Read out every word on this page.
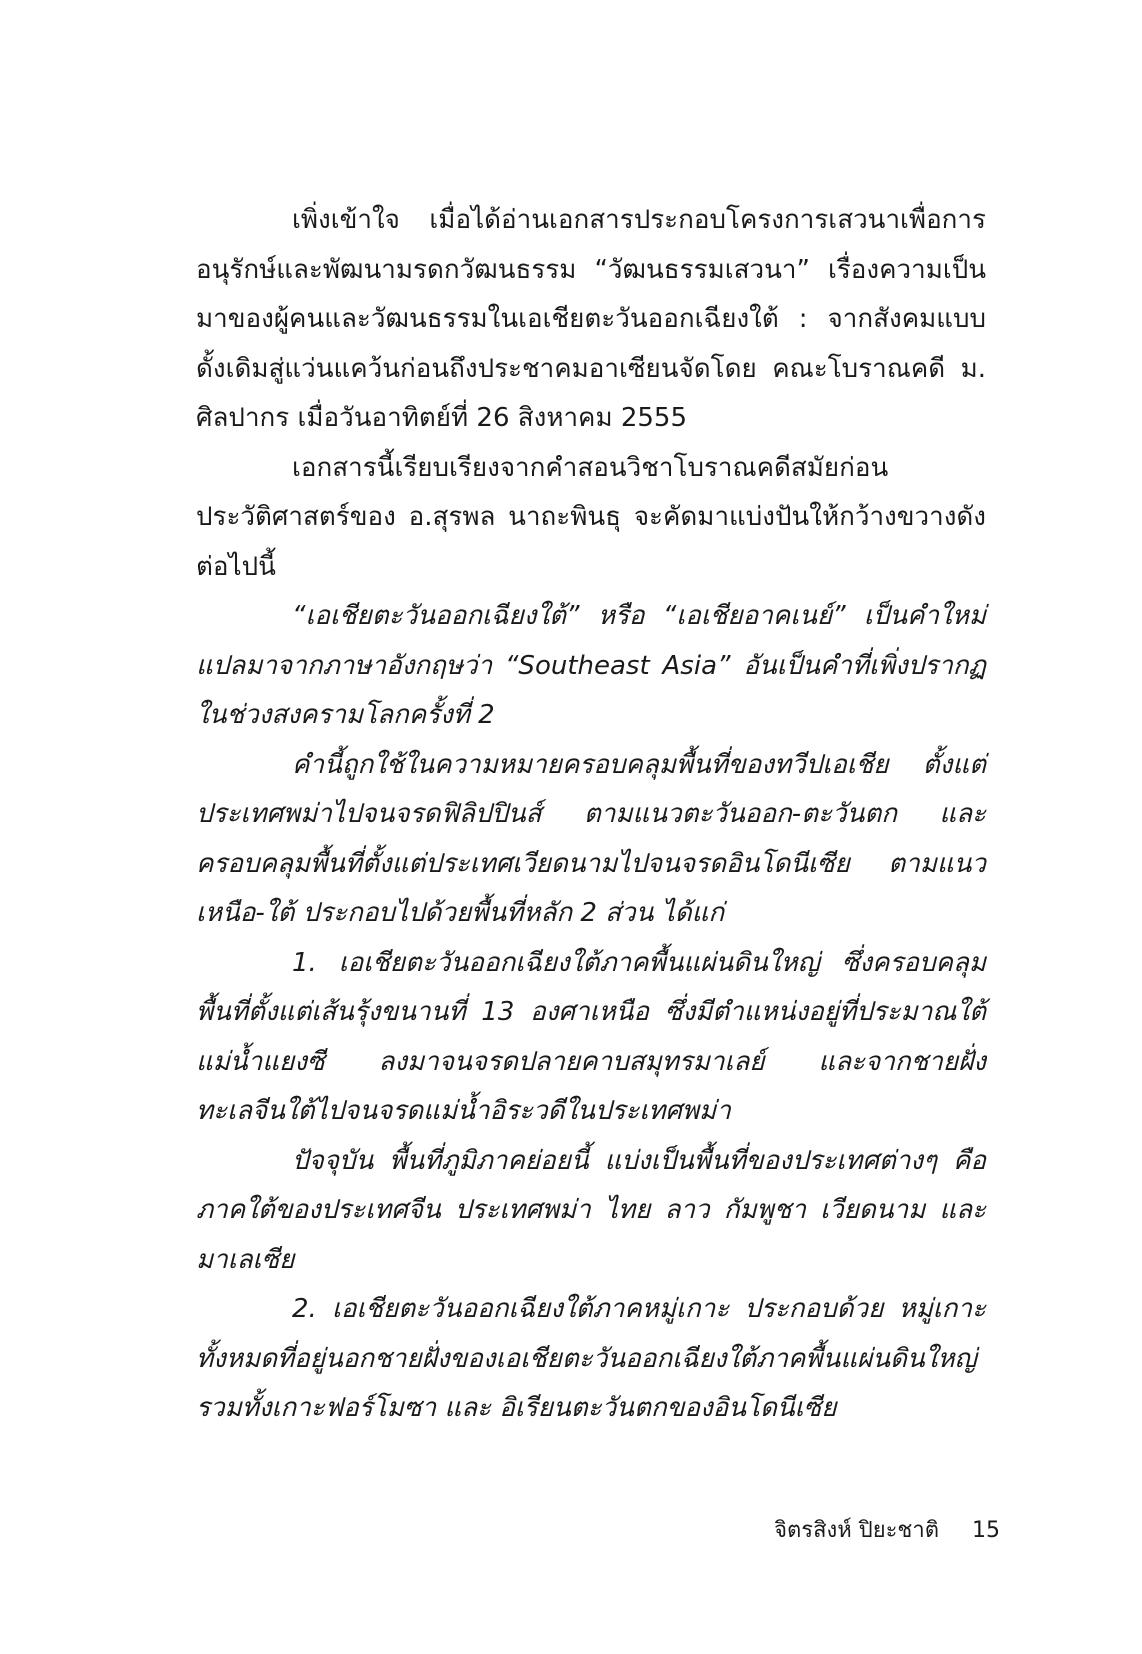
เพิ่งเข้าใจ เมื่อได้อ่านเอกสารประกอบโครงการเสวนาเพื่อการอนุรักษ์และพัฒนามรดกวัฒนธรรม “วัฒนธรรมเสวนา” เรื่องความเป็นมาของผู้คนและวัฒนธรรมในเอเชียตะวันออกเฉียงใต้ : จากสังคมแบบดั้งเดิมสู่แว่นแคว้นก่อนถึงประชาคมอาเซียนจัดโดย คณะโบราณคดี ม. ศิลปากร เมื่อวันอาทิตย์ที่ 26 สิงหาคม 2555

เอกสารนี้เรียบเรียงจากคำสอนวิชาโบราณคดีสมัยก่อนประวัติศาสตร์ของ อ.สุรพล นาถะพินธุ จะคัดมาแบ่งปันให้กว้างขวางดังต่อไปนี้

“เอเชียตะวันออกเฉียงใต้” หรือ “เอเชียอาคเนย์” เป็นคำใหม่ แปลมาจากภาษาอังกฤษว่า “Southeast Asia” อันเป็นคำที่เพิ่งปรากฏในช่วงสงครามโลกครั้งที่ 2

คำนี้ถูกใช้ในความหมายครอบคลุมพื้นที่ของทวีปเอเชีย ตั้งแต่ประเทศพม่าไปจนจรดฟิลิปปินส์ ตามแนวตะวันออก-ตะวันตก และครอบคลุมพื้นที่ตั้งแต่ประเทศเวียดนามไปจนจรดอินโดนีเซีย ตามแนวเหนือ-ใต้ ประกอบไปด้วยพื้นที่หลัก 2 ส่วน ได้แก่

1. เอเชียตะวันออกเฉียงใต้ภาคพื้นแผ่นดินใหญ่ ซึ่งครอบคลุมพื้นที่ตั้งแต่เส้นรุ้งขนานที่ 13 องศาเหนือ ซึ่งมีตำแหน่งอยู่ที่ประมาณใต้แม่น้ำแยงซี ลงมาจนจรดปลายคาบสมุทรมาเลย์ และจากชายฝั่งทะเลจีนใต้ไปจนจรดแม่น้ำอิระวดีในประเทศพม่า

ปัจจุบัน พื้นที่ภูมิภาคย่อยนี้ แบ่งเป็นพื้นที่ของประเทศต่างๆ คือ ภาคใต้ของประเทศจีน ประเทศพม่า ไทย ลาว กัมพูชา เวียดนาม และมาเลเซีย

2. เอเชียตะวันออกเฉียงใต้ภาคหมู่เกาะ ประกอบด้วย หมู่เกาะทั้งหมดที่อยู่นอกชายฝั่งของเอเชียตะวันออกเฉียงใต้ภาคพื้นแผ่นดินใหญ่ รวมทั้งเกาะฟอร์โมซา และ อิเรียนตะวันตกของอินโดนีเซีย

จิตรสิงห์ ปิยะชาติ 15
